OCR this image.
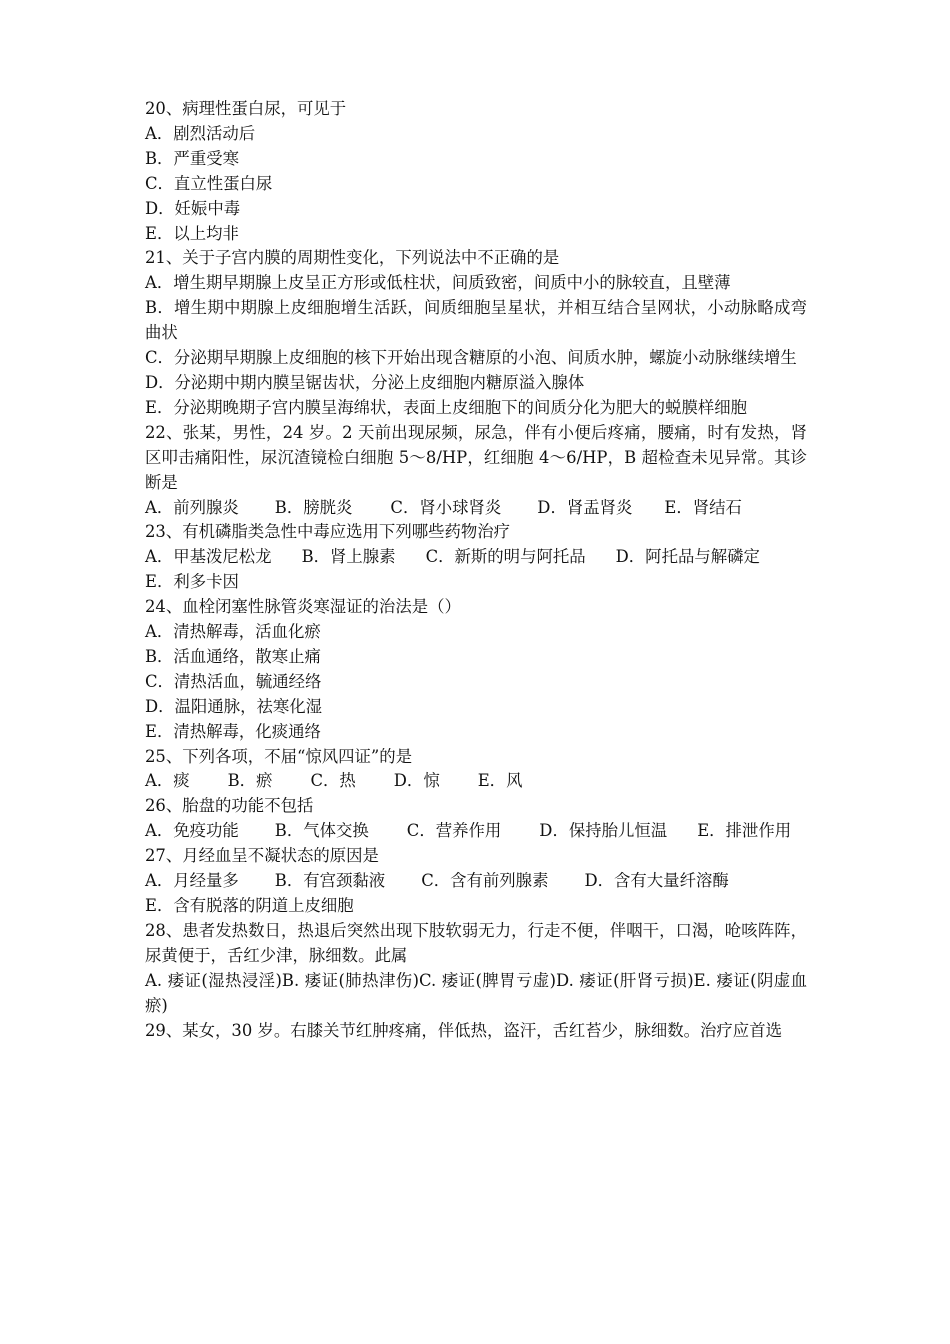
20、病理性蛋白尿，可见于
A．剧烈活动后
B．严重受寒
C．直立性蛋白尿
D．妊娠中毒
E．以上均非
21、关于子宫内膜的周期性变化，下列说法中不正确的是
A．增生期早期腺上皮呈正方形或低柱状，间质致密，间质中小的脉较直，且壁薄
B．增生期中期腺上皮细胞增生活跃，间质细胞呈星状，并相互结合呈网状，小动脉略成弯曲状
C．分泌期早期腺上皮细胞的核下开始出现含糖原的小泡、间质水肿，螺旋小动脉继续增生
D．分泌期中期内膜呈锯齿状，分泌上皮细胞内糖原溢入腺体
E．分泌期晚期子宫内膜呈海绵状，表面上皮细胞下的间质分化为肥大的蜕膜样细胞
22、张某，男性，24 岁。2 天前出现尿频，尿急，伴有小便后疼痛，腰痛，时有发热，肾区叩击痛阳性，尿沉渣镜检白细胞 5～8/HP，红细胞 4～6/HP，B 超检查未见异常。其诊断是
A．前列腺炎 B．膀胱炎 C．肾小球肾炎 D．肾盂肾炎 E．肾结石
23、有机磷脂类急性中毒应选用下列哪些药物治疗
A．甲基泼尼松龙 B．肾上腺素 C．新斯的明与阿托品 D．阿托品与解磷定
E．利多卡因
24、血栓闭塞性脉管炎寒湿证的治法是（）
A．清热解毒，活血化瘀
B．活血通络，散寒止痛
C．清热活血，毓通经络
D．温阳通脉，祛寒化湿
E．清热解毒，化痰通络
25、下列各项，不届“惊风四证”的是
A．痰 B．瘀 C．热 D．惊 E．风
26、胎盘的功能不包括
A．免疫功能 B．气体交换 C．营养作用 D．保持胎儿恒温 E．排泄作用
27、月经血呈不凝状态的原因是
A．月经量多 B．有宫颈黏液 C．含有前列腺素 D．含有大量纤溶酶
E．含有脱落的阴道上皮细胞
28、患者发热数日，热退后突然出现下肢软弱无力，行走不便，伴咽干，口渴，呛咳阵阵，尿黄便于，舌红少津，脉细数。此属
A. 痿证(湿热浸淫)B. 痿证(肺热津伤)C. 痿证(脾胃亏虚)D. 痿证(肝肾亏损)E. 痿证(阴虚血瘀)
29、某女，30 岁。右膝关节红肿疼痛，伴低热，盗汗，舌红苔少，脉细数。治疗应首选
